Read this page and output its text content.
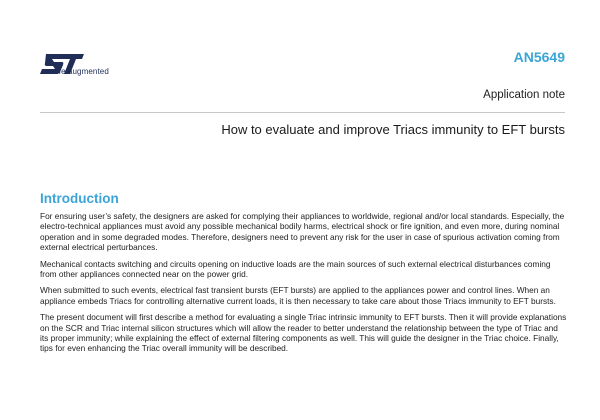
life.augmented
AN5649
Application note
How to evaluate and improve Triacs immunity to EFT bursts
Introduction

For ensuring user’s safety, the designers are asked for complying their appliances to worldwide, regional and/or local standards. Especially, the electro-technical appliances must avoid any possible mechanical bodily harms, electrical shock or fire ignition, and even more, during nominal operation and in some degraded modes. Therefore, designers need to prevent any risk for the user in case of spurious activation coming from external electrical perturbances.

Mechanical contacts switching and circuits opening on inductive loads are the main sources of such external electrical disturbances coming from other appliances connected near on the power grid.

When submitted to such events, electrical fast transient bursts (EFT bursts) are applied to the appliances power and control lines. When an appliance embeds Triacs for controlling alternative current loads, it is then necessary to take care about those Triacs immunity to EFT bursts.

The present document will first describe a method for evaluating a single Triac intrinsic immunity to EFT bursts. Then it will provide explanations on the SCR and Triac internal silicon structures which will allow the reader to better understand the relationship between the type of Triac and its proper immunity; while explaining the effect of external filtering components as well. This will guide the designer in the Triac choice. Finally, tips for even enhancing the Triac overall immunity will be described.
